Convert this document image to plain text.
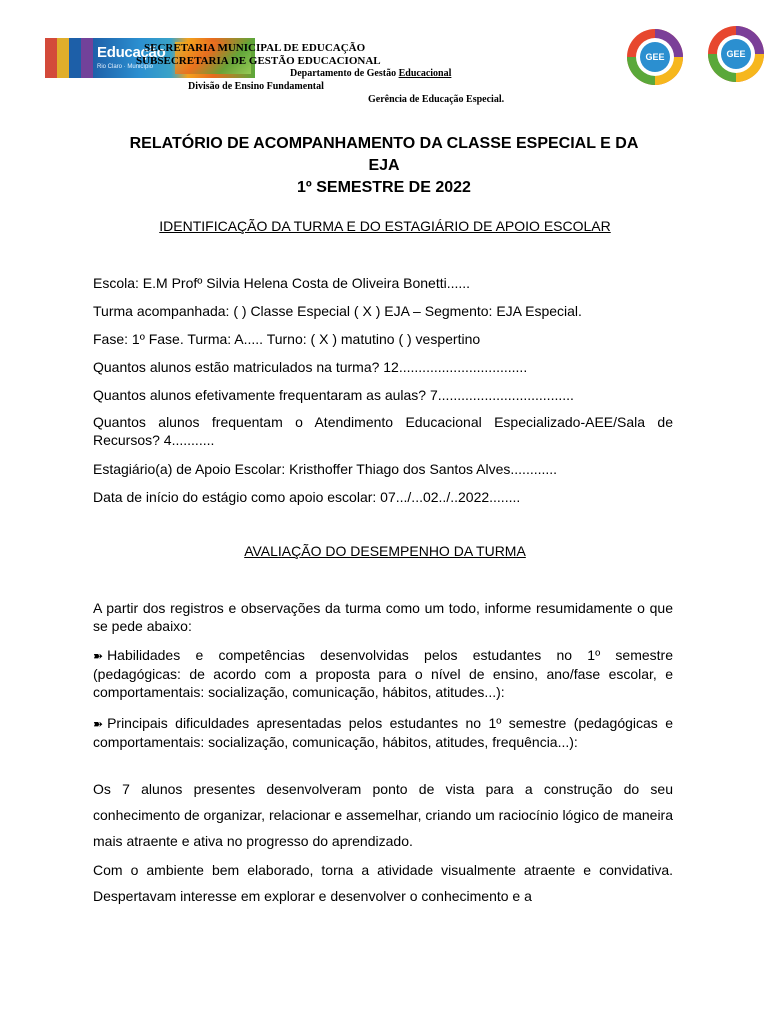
Educação
Rio Claro · Município
SECRETARIA MUNICIPAL DE EDUCAÇÃO
SUBSECRETARIA DE GESTÃO EDUCACIONAL
Departamento de Gestão Educacional
Divisão de Ensino Fundamental
Gerência de Educação Especial.
GEE	GEE
RELATÓRIO DE ACOMPANHAMENTO DA CLASSE ESPECIAL E DA
EJA
1º SEMESTRE DE 2022
IDENTIFICAÇÃO DA TURMA E DO ESTAGIÁRIO DE APOIO ESCOLAR
Escola: E.M Profº Silvia Helena Costa de Oliveira Bonetti......
Turma acompanhada: ( ) Classe Especial ( X ) EJA – Segmento: EJA Especial.
Fase: 1º Fase. Turma: A..... Turno: ( X ) matutino ( ) vespertino
Quantos alunos estão matriculados na turma? 12.................................
Quantos alunos efetivamente frequentaram as aulas? 7...................................
Quantos alunos frequentam o Atendimento Educacional Especializado-AEE/Sala de Recursos? 4...........
Estagiário(a) de Apoio Escolar: Kristhoffer Thiago dos Santos Alves............
Data de início do estágio como apoio escolar: 07.../...02../..2022........
AVALIAÇÃO DO DESEMPENHO DA TURMA
A partir dos registros e observações da turma como um todo, informe resumidamente o que se pede abaixo:
➽ Habilidades e competências desenvolvidas pelos estudantes no 1º semestre (pedagógicas: de acordo com a proposta para o nível de ensino, ano/fase escolar, e comportamentais: socialização, comunicação, hábitos, atitudes...):
➽ Principais dificuldades apresentadas pelos estudantes no 1º semestre (pedagógicas e comportamentais: socialização, comunicação, hábitos, atitudes, frequência...):
Os 7 alunos presentes desenvolveram ponto de vista para a construção do seu conhecimento de organizar, relacionar e assemelhar, criando um raciocínio lógico de maneira mais atraente e ativa no progresso do aprendizado.
Com o ambiente bem elaborado, torna a atividade visualmente atraente e convidativa. Despertavam interesse em explorar e desenvolver o conhecimento e a
